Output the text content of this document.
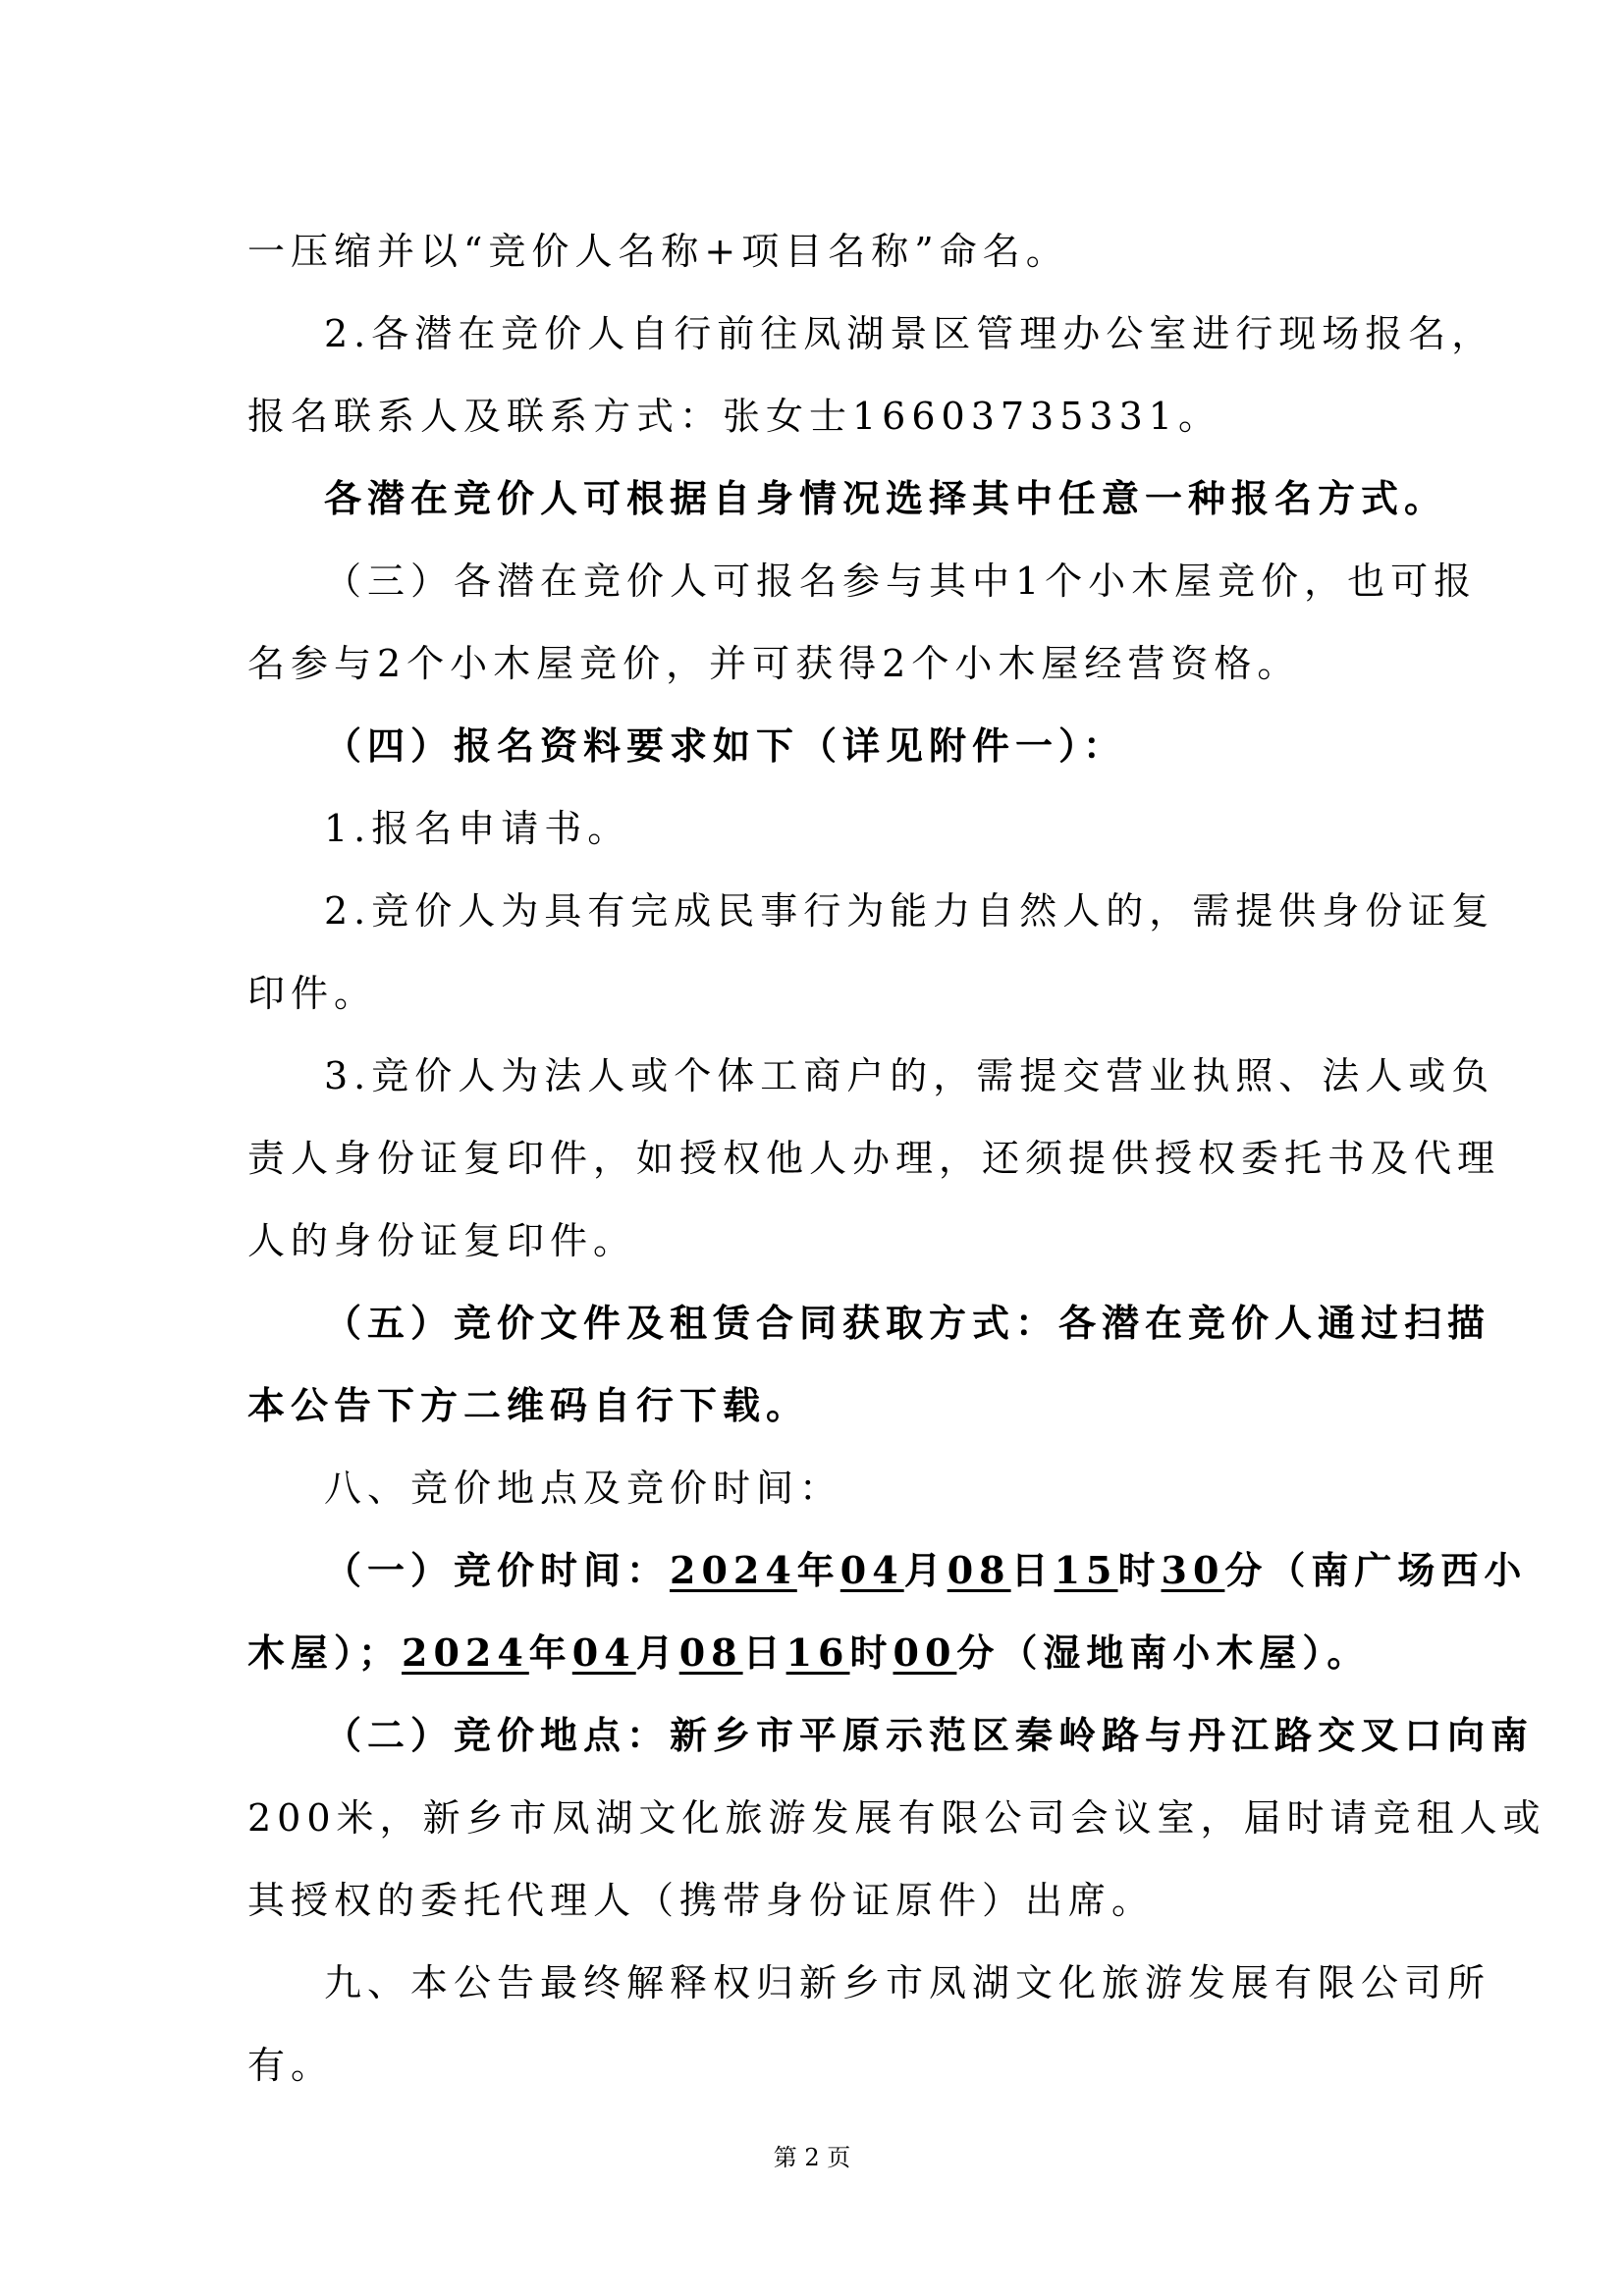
一压缩并以“竞价人名称+项目名称”命名。
2.各潜在竞价人自行前往凤湖景区管理办公室进行现场报名，
报名联系人及联系方式：张女士16603735331。
各潜在竞价人可根据自身情况选择其中任意一种报名方式。
（三）各潜在竞价人可报名参与其中1个小木屋竞价，也可报
名参与2个小木屋竞价，并可获得2个小木屋经营资格。
（四）报名资料要求如下（详见附件一）：
1.报名申请书。
2.竞价人为具有完成民事行为能力自然人的，需提供身份证复
印件。
3.竞价人为法人或个体工商户的，需提交营业执照、法人或负
责人身份证复印件，如授权他人办理，还须提供授权委托书及代理
人的身份证复印件。
（五）竞价文件及租赁合同获取方式：各潜在竞价人通过扫描
本公告下方二维码自行下载。
八、竞价地点及竞价时间：
（一）竞价时间：2024年04月08日15时30分（南广场西小
木屋）；2024年04月08日16时00分（湿地南小木屋）。
（二）竞价地点：新乡市平原示范区秦岭路与丹江路交叉口向南
200米，新乡市凤湖文化旅游发展有限公司会议室，届时请竞租人或
其授权的委托代理人（携带身份证原件）出席。
九、本公告最终解释权归新乡市凤湖文化旅游发展有限公司所
有。
第 2 页
